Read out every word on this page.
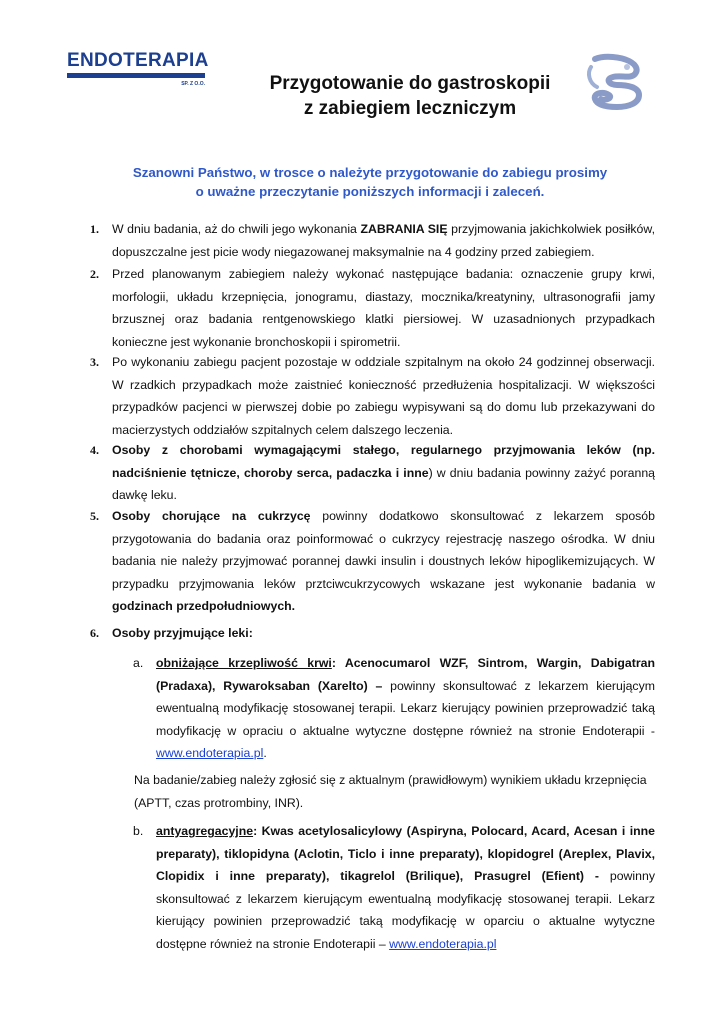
ENDOTERAPIA
SP. Z O.O.	Przygotowanie do gastroskopii
z zabiegiem leczniczym
Szanowni Państwo, w trosce o należyte przygotowanie do zabiegu prosimy
o uważne przeczytanie poniższych informacji i zaleceń.
1. W dniu badania, aż do chwili jego wykonania ZABRANIA SIĘ przyjmowania jakichkolwiek posiłków, dopuszczalne jest picie wody niegazowanej maksymalnie na 4 godziny przed zabiegiem.
2. Przed planowanym zabiegiem należy wykonać następujące badania: oznaczenie grupy krwi, morfologii, układu krzepnięcia, jonogramu, diastazy, mocznika/kreatyniny, ultrasonografii jamy brzusznej oraz badania rentgenowskiego klatki piersiowej. W uzasadnionych przypadkach konieczne jest wykonanie bronchoskopii i spirometrii.
3. Po wykonaniu zabiegu pacjent pozostaje w oddziale szpitalnym na około 24 godzinnej obserwacji. W rzadkich przypadkach może zaistnieć konieczność przedłużenia hospitalizacji. W większości przypadków pacjenci w pierwszej dobie po zabiegu wypisywani są do domu lub przekazywani do macierzystych oddziałów szpitalnych celem dalszego leczenia.
4. Osoby z chorobami wymagającymi stałego, regularnego przyjmowania leków (np. nadciśnienie tętnicze, choroby serca, padaczka i inne) w dniu badania powinny zażyć poranną dawkę leku.
5. Osoby chorujące na cukrzycę powinny dodatkowo skonsultować z lekarzem sposób przygotowania do badania oraz poinformować o cukrzycy rejestrację naszego ośrodka. W dniu badania nie należy przyjmować porannej dawki insulin i doustnych leków hipoglikemizujących. W przypadku przyjmowania leków prztciwcukrzycowych wskazane jest wykonanie badania w godzinach przedpołudniowych.
6. Osoby przyjmujące leki:
a. obniżające krzepliwość krwi: Acenocumarol WZF, Sintrom, Wargin, Dabigatran (Pradaxa), Rywaroksaban (Xarelto) – powinny skonsultować z lekarzem kierującym ewentualną modyfikację stosowanej terapii. Lekarz kierujący powinien przeprowadzić taką modyfikację w opraciu o aktualne wytyczne dostępne również na stronie Endoterapii - www.endoterapia.pl.
Na badanie/zabieg należy zgłosić się z aktualnym (prawidłowym) wynikiem układu krzepnięcia (APTT, czas protrombiny, INR).
b. antyagregacyjne: Kwas acetylosalicylowy (Aspiryna, Polocard, Acard, Acesan i inne preparaty), tiklopidyna (Aclotin, Ticlo i inne preparaty), klopidogrel (Areplex, Plavix, Clopidix i inne preparaty), tikagrelol (Brilique), Prasugrel (Efient) - powinny skonsultować z lekarzem kierującym ewentualną modyfikację stosowanej terapii. Lekarz kierujący powinien przeprowadzić taką modyfikację w oparciu o aktualne wytyczne dostępne również na stronie Endoterapii – www.endoterapia.pl
